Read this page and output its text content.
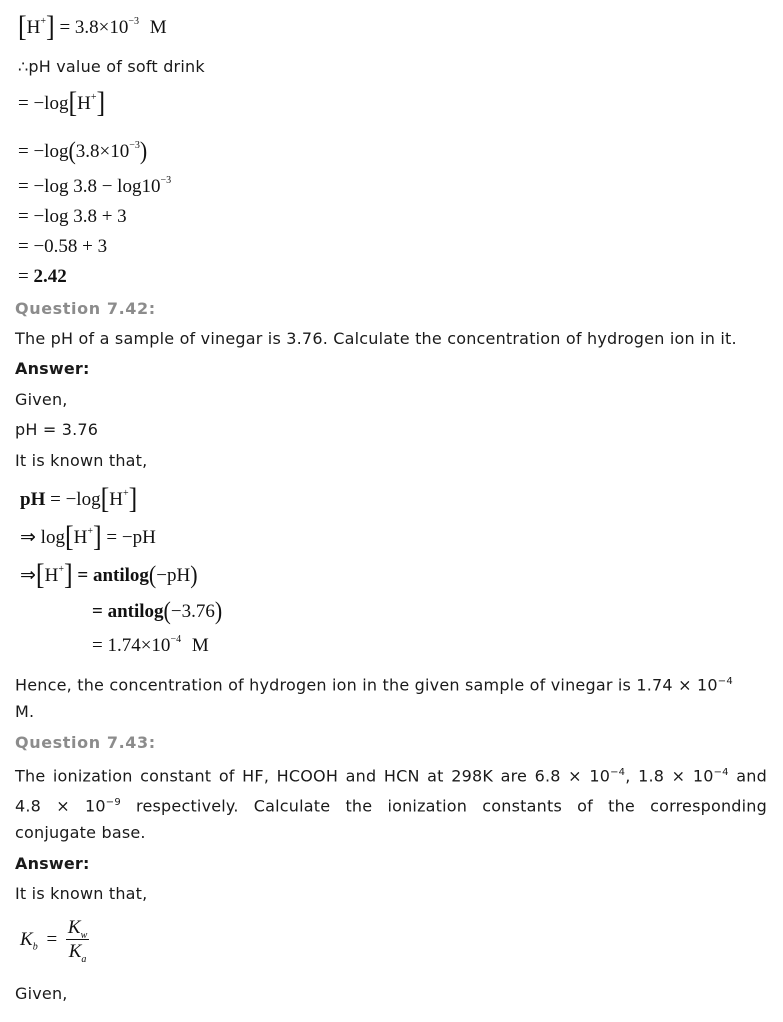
$[H^+] = 3.8\times 10^{-3}$ M
∴pH value of soft drink
= −log[H+]
= $-\log(3.8\times 10^{-3})$
= −log $3.8 - \log 10^{-3}$
= −log 3.8 + 3
= −0.58 + 3
= 2.42
Question 7.42:
The pH of a sample of vinegar is 3.76. Calculate the concentration of hydrogen ion in it.
Answer:
Given,
pH = 3.76
It is known that,
pH = −log[H+]
⇒ log[H+] = −pH
⇒[H+] = antilog(−pH)
= antilog(−3.76)
= $1.74\times 10^{-4}$ M
Hence, the concentration of hydrogen ion in the given sample of vinegar is $1.74 \times 10^{-4}$
M.
Question 7.43:
The ionization constant of HF, HCOOH and HCN at 298K are $6.8 \times 10^{-4}$, $1.8 \times 10^{-4}$ and
$4.8 \times 10^{-9}$ respectively. Calculate the ionization constants of the corresponding
conjugate base.
Answer:
It is known that,
$K_b = \frac{K_w}{K_a}$
Given,
